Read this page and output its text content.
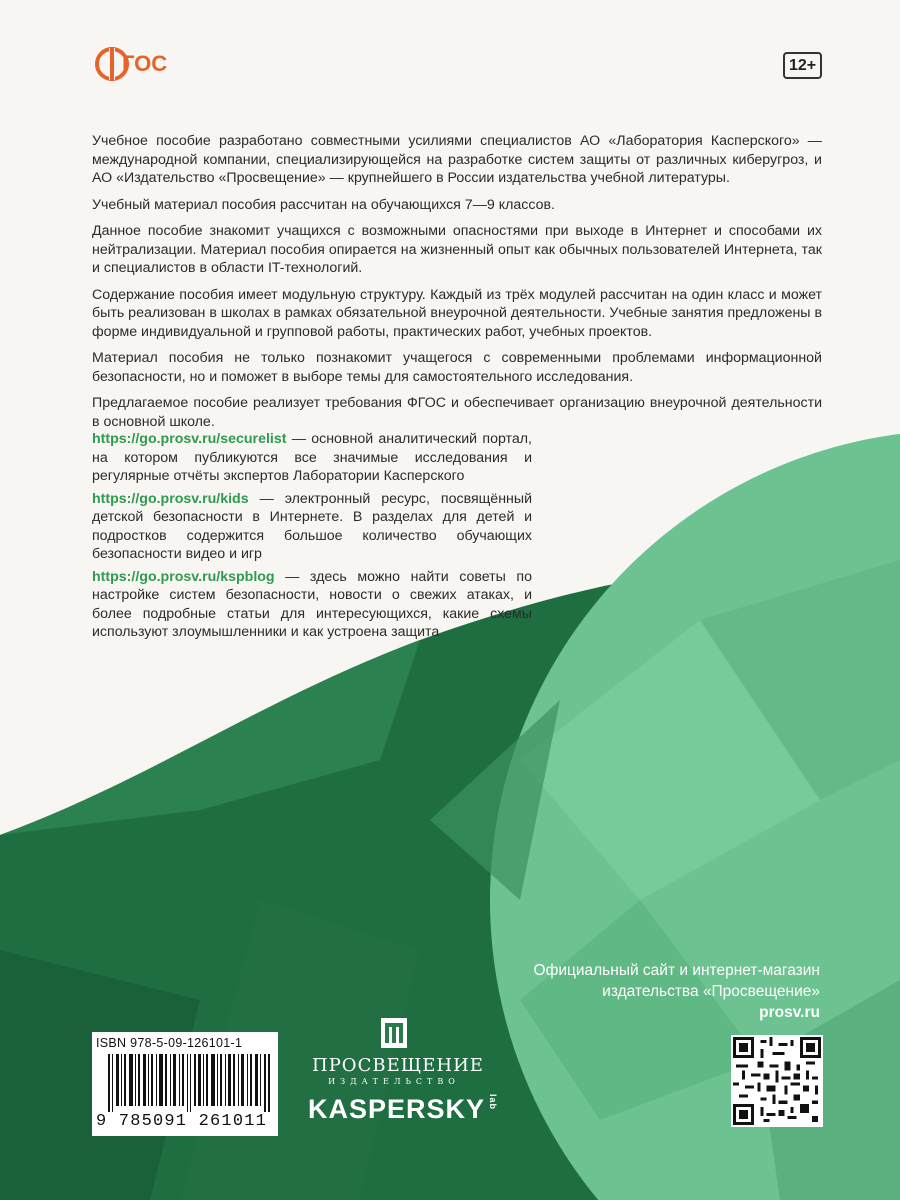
ГОС	12+

Учебное пособие разработано совместными усилиями специалистов АО «Лаборатория Касперского» — международной компании, специализирующейся на разработке систем защиты от различных киберугроз, и АО «Издательство «Просвещение» — крупнейшего в России издательства учебной литературы.

Учебный материал пособия рассчитан на обучающихся 7—9 классов.

Данное пособие знакомит учащихся с возможными опасностями при выходе в Интернет и способами их нейтрализации. Материал пособия опирается на жизненный опыт как обычных пользователей Интернета, так и специалистов в области IT-технологий.

Содержание пособия имеет модульную структуру. Каждый из трёх модулей рассчитан на один класс и может быть реализован в школах в рамках обязательной внеурочной деятельности. Учебные занятия предложены в форме индивидуальной и групповой работы, практических работ, учебных проектов.

Материал пособия не только познакомит учащегося с современными проблемами информационной безопасности, но и поможет в выборе темы для самостоятельного исследования.

Предлагаемое пособие реализует требования ФГОС и обеспечивает организацию внеурочной деятельности в основной школе.

https://go.prosv.ru/securelist — основной аналитический портал, на котором публикуются все значимые исследования и регулярные отчёты экспертов Лаборатории Касперского
https://go.prosv.ru/kids — электронный ресурс, посвящённый детской безопасности в Интернете. В разделах для детей и подростков содержится большое количество обучающих безопасности видео и игр
https://go.prosv.ru/kspblog — здесь можно найти советы по настройке систем безопасности, новости о свежих атаках, и более подробные статьи для интересующихся, какие схемы используют злоумышленники и как устроена защита
Официальный сайт и интернет-магазин
издательства «Просвещение»
prosv.ru
ISBN 978-5-09-126101-1
9 785091 261011
ПРОСВЕЩЕНИЕ
ИЗДАТЕЛЬСТВО
KASPERSKY lab
